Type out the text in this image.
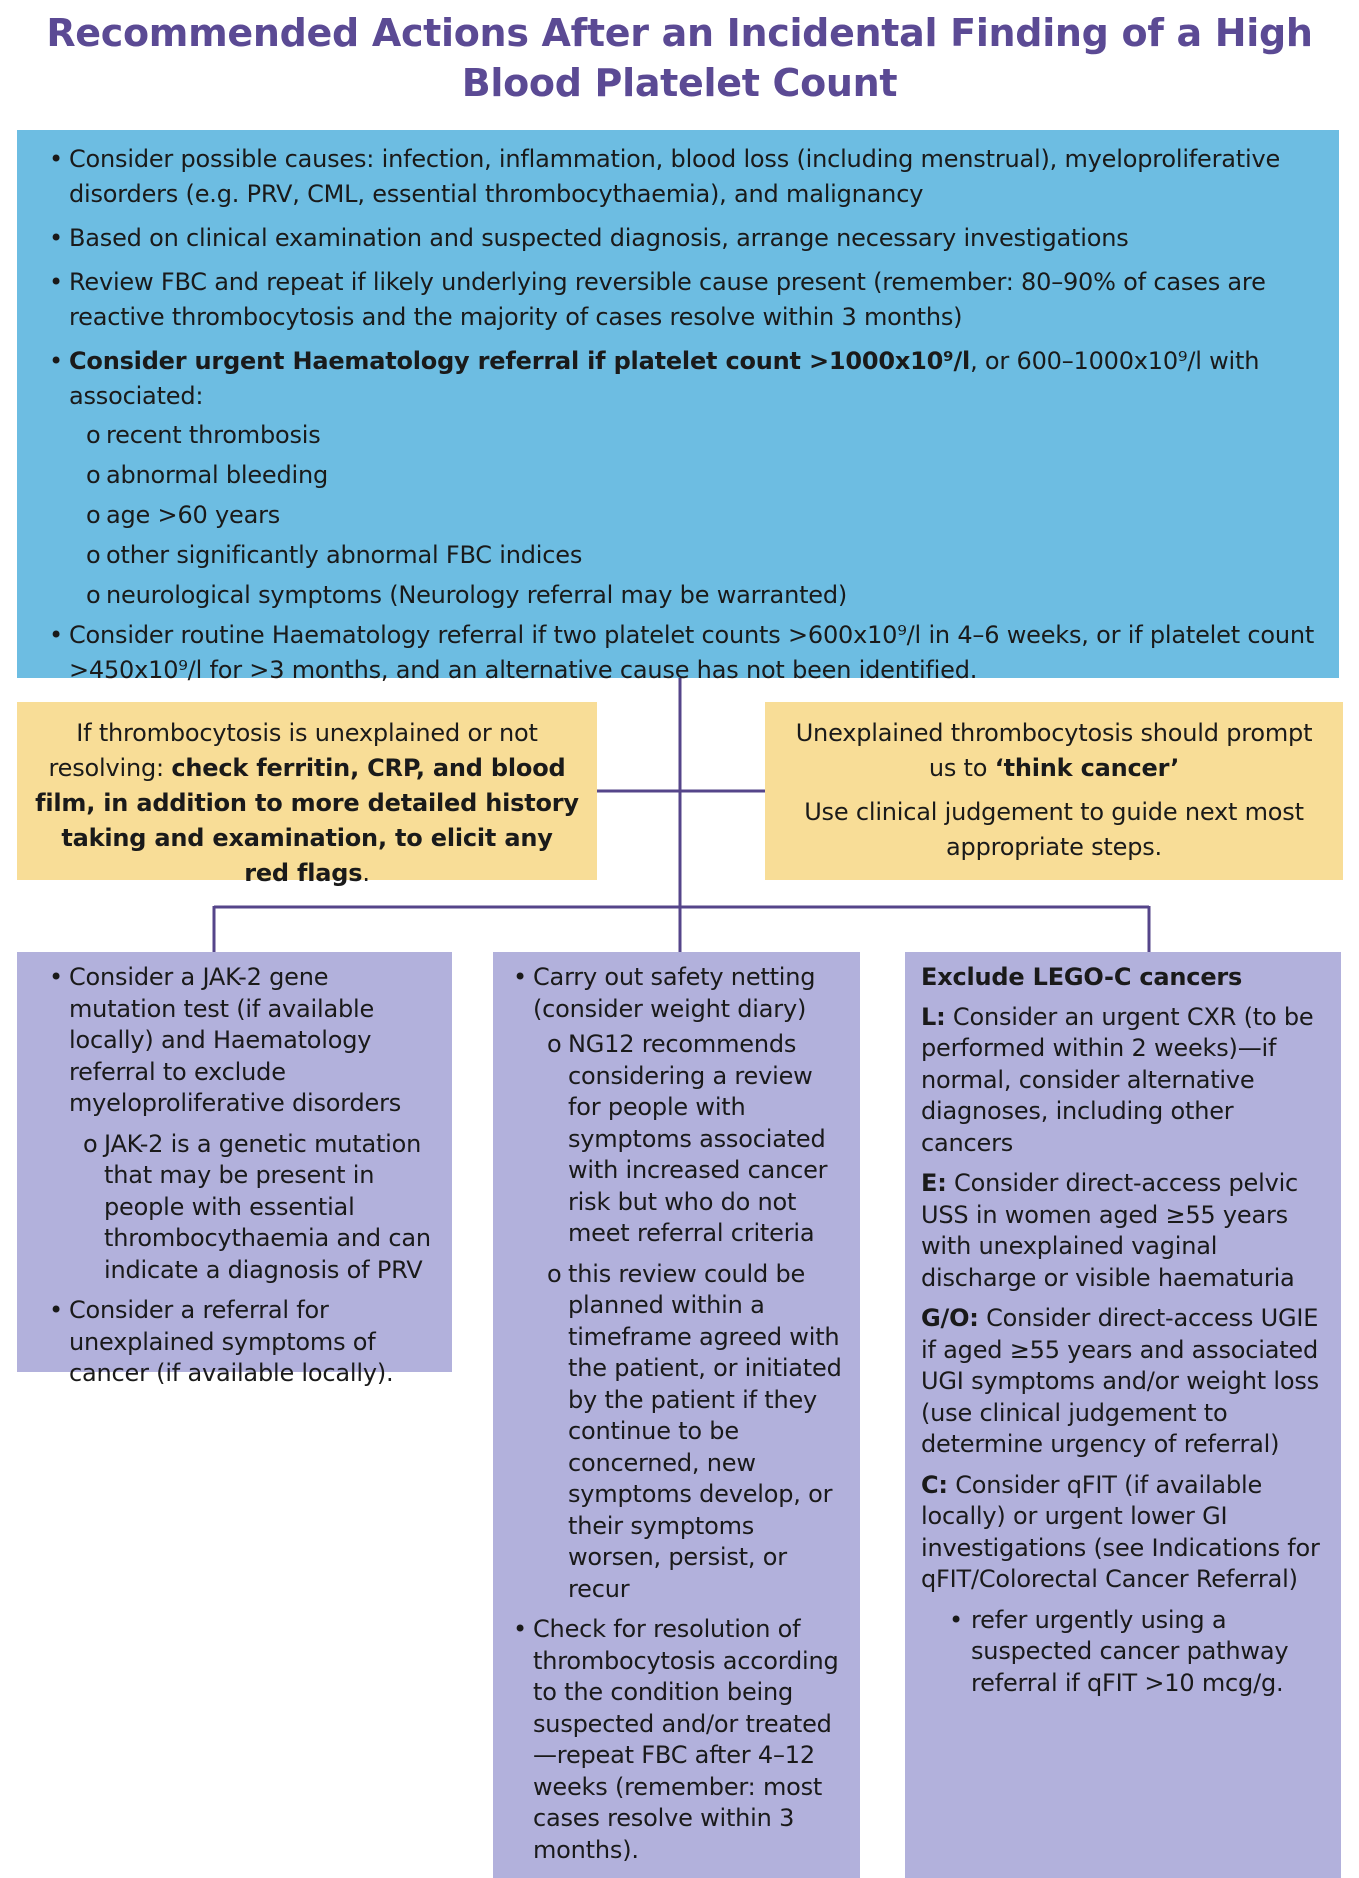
Recommended Actions After an Incidental Finding of a High
Blood Platelet Count
• Consider possible causes: infection, inflammation, blood loss (including menstrual), myeloproliferative disorders (e.g. PRV, CML, essential thrombocythaemia), and malignancy
• Based on clinical examination and suspected diagnosis, arrange necessary investigations
• Review FBC and repeat if likely underlying reversible cause present (remember: 80–90% of cases are reactive thrombocytosis and the majority of cases resolve within 3 months)
• Consider urgent Haematology referral if platelet count >1000x10⁹/l, or 600–1000x10⁹/l with associated:
o recent thrombosis
o abnormal bleeding
o age >60 years
o other significantly abnormal FBC indices
o neurological symptoms (Neurology referral may be warranted)
• Consider routine Haematology referral if two platelet counts >600x10⁹/l in 4–6 weeks, or if platelet count >450x10⁹/l for >3 months, and an alternative cause has not been identified.
If thrombocytosis is unexplained or not resolving: check ferritin, CRP, and blood film, in addition to more detailed history taking and examination, to elicit any red flags.

Unexplained thrombocytosis should prompt us to ‘think cancer’

Use clinical judgement to guide next most appropriate steps.

• Consider a JAK-2 gene mutation test (if available locally) and Haematology referral to exclude myeloproliferative disorders
o JAK-2 is a genetic mutation that may be present in people with essential thrombocythaemia and can indicate a diagnosis of PRV
• Consider a referral for unexplained symptoms of cancer (if available locally).
• Carry out safety netting (consider weight diary)
o NG12 recommends considering a review for people with symptoms associated with increased cancer risk but who do not meet referral criteria
o this review could be planned within a timeframe agreed with the patient, or initiated by the patient if they continue to be concerned, new symptoms develop, or their symptoms worsen, persist, or recur
• Check for resolution of thrombocytosis according to the condition being suspected and/or treated—repeat FBC after 4–12 weeks (remember: most cases resolve within 3 months).
Exclude LEGO-C cancers
L: Consider an urgent CXR (to be performed within 2 weeks)—if normal, consider alternative diagnoses, including other cancers
E: Consider direct-access pelvic USS in women aged ≥55 years with unexplained vaginal discharge or visible haematuria
G/O: Consider direct-access UGIE if aged ≥55 years and associated UGI symptoms and/or weight loss (use clinical judgement to determine urgency of referral)
C: Consider qFIT (if available locally) or urgent lower GI investigations (see Indications for qFIT/Colorectal Cancer Referral)
• refer urgently using a suspected cancer pathway referral if qFIT >10 mcg/g.
